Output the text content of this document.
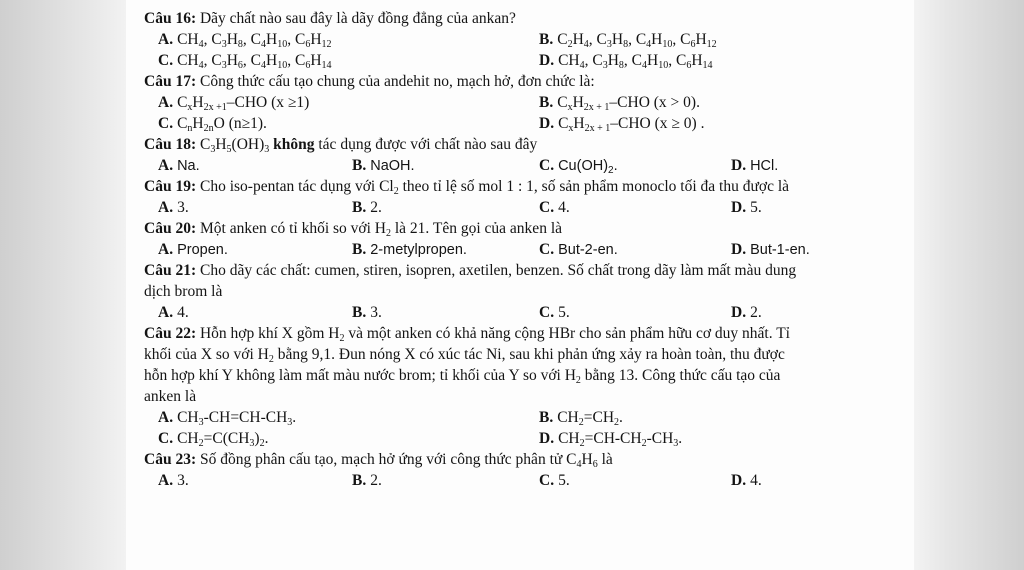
Câu 16: Dãy chất nào sau đây là dãy đồng đẳng của ankan?

A. $CH_4$, $C_3H_8$, $C_4H_{10}$, $C_6H_{12}$	B. $C_2H_4$, $C_3H_8$, $C_4H_{10}$, $C_6H_{12}$
C. $CH_4$, $C_3H_6$, $C_4H_{10}$, $C_6H_{14}$	D. $CH_4$, $C_3H_8$, $C_4H_{10}$, $C_6H_{14}$

Câu 17: Công thức cấu tạo chung của andehit no, mạch hở, đơn chức là:

A. $C_xH_{2x +1}$–CHO (x ≥1)	B. $C_xH_{2x + 1}$–CHO (x > 0).
C. $C_nH_{2n}O$ (n≥1).	D. $C_xH_{2x + 1}$–CHO (x ≥ 0) .

Câu 18: $C_3H_5(OH)_3$ không tác dụng được với chất nào sau đây

A. Na.	B. NaOH.	C. $Cu(OH)_2$.	D. HCl.

Câu 19: Cho iso-pentan tác dụng với $Cl_2$ theo tỉ lệ số mol 1 : 1, số sản phẩm monoclo tối đa thu được là

A. 3.	B. 2.	C. 4.	D. 5.

Câu 20: Một anken có tỉ khối so với $H_2$ là 21. Tên gọi của anken là

A. Propen.	B. 2-metylpropen.	C. But-2-en.	D. But-1-en.

Câu 21: Cho dãy các chất: cumen, stiren, isopren, axetilen, benzen. Số chất trong dãy làm mất màu dung

dịch brom là

A. 4.	B. 3.	C. 5.	D. 2.

Câu 22: Hỗn hợp khí X gồm $H_2$ và một anken có khả năng cộng HBr cho sản phẩm hữu cơ duy nhất. Tỉ

khối của X so với $H_2$ bằng 9,1. Đun nóng X có xúc tác Ni, sau khi phản ứng xảy ra hoàn toàn, thu được

hỗn hợp khí Y không làm mất màu nước brom; tỉ khối của Y so với $H_2$ bằng 13. Công thức cấu tạo của

anken là

A. $CH_3-CH=CH-CH_3$.	B. $CH_2=CH_2$.
C. $CH_2=C(CH_3)_2$.	D. $CH_2=CH-CH_2-CH_3$.

Câu 23: Số đồng phân cấu tạo, mạch hở ứng với công thức phân tử $C_4H_6$ là

A. 3.	B. 2.	C. 5.	D. 4.
